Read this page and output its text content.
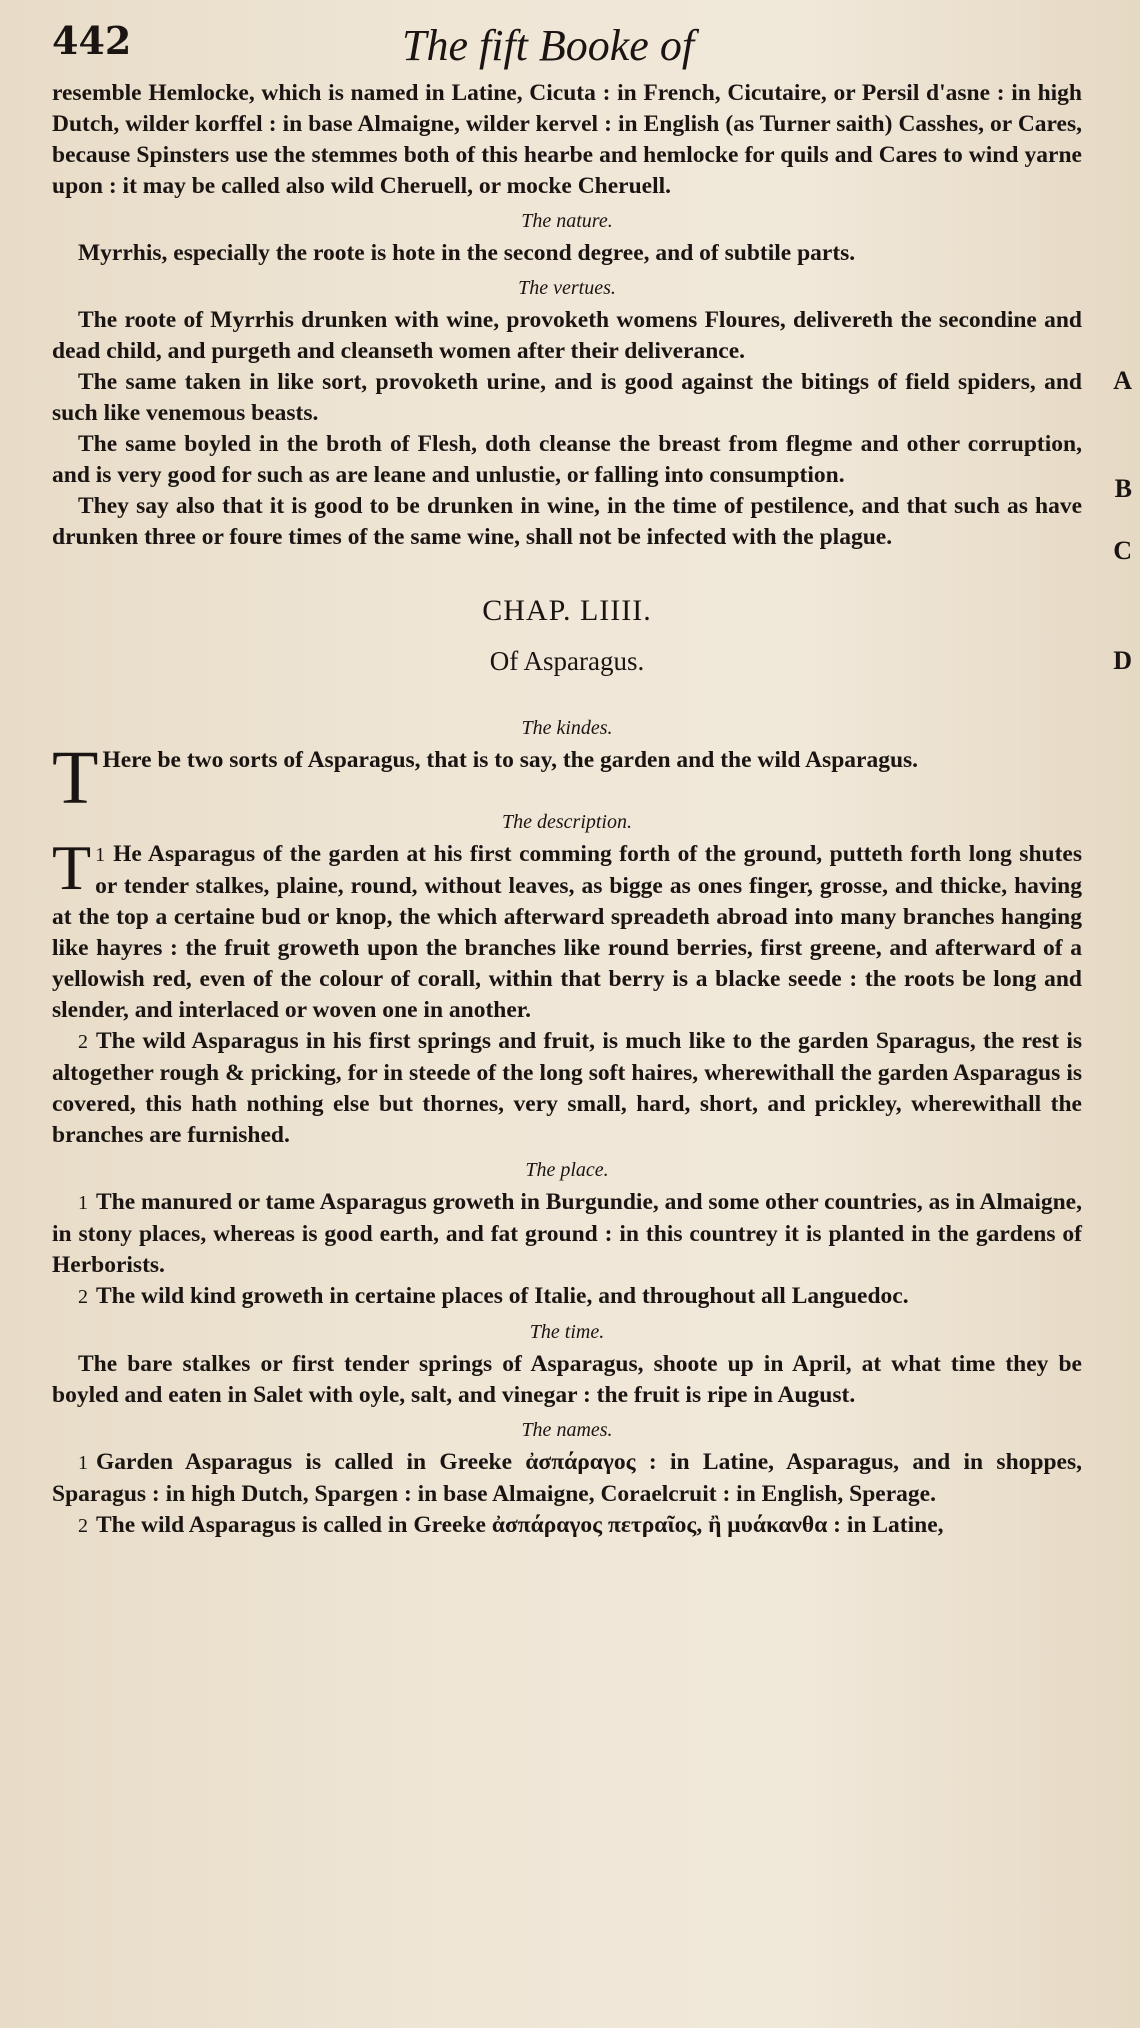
442	The fift Booke of
A
B
C
D

resemble Hemlocke, which is named in Latine, Cicuta : in French, Cicutaire, or Persil d'asne : in high Dutch, wilder korffel : in base Almaigne, wilder kervel : in English (as Turner saith) Casshes, or Cares, because Spinsters use the stemmes both of this hearbe and hemlocke for quils and Cares to wind yarne upon : it may be called also wild Cheruell, or mocke Cheruell.

The nature.

Myrrhis, especially the roote is hote in the second degree, and of subtile parts.

The vertues.

The roote of Myrrhis drunken with wine, provoketh womens Floures, delivereth the secondine and dead child, and purgeth and cleanseth women after their deliverance.

The same taken in like sort, provoketh urine, and is good against the bitings of field spiders, and such like venemous beasts.

The same boyled in the broth of Flesh, doth cleanse the breast from flegme and other corruption, and is very good for such as are leane and unlustie, or falling into consumption.

They say also that it is good to be drunken in wine, in the time of pestilence, and that such as have drunken three or foure times of the same wine, shall not be infected with the plague.

CHAP. LIIII.
Of Asparagus.
The kindes.

T Here be two sorts of Asparagus, that is to say, the garden and the wild Asparagus.

The description.

1
T He Asparagus of the garden at his first comming forth of the ground, putteth forth long shutes or tender stalkes, plaine, round, without leaves, as bigge as ones finger, grosse, and thicke, having at the top a certaine bud or knop, the which afterward spreadeth abroad into many branches hanging like hayres : the fruit groweth upon the branches like round berries, first greene, and afterward of a yellowish red, even of the colour of corall, within that berry is a blacke seede : the roots be long and slender, and interlaced or woven one in another.

2 The wild Asparagus in his first springs and fruit, is much like to the garden Sparagus, the rest is altogether rough & pricking, for in steede of the long soft haires, wherewithall the garden Asparagus is covered, this hath nothing else but thornes, very small, hard, short, and prickley, wherewithall the branches are furnished.

The place.

1 The manured or tame Asparagus groweth in Burgundie, and some other countries, as in Almaigne, in stony places, whereas is good earth, and fat ground : in this countrey it is planted in the gardens of Herborists.

2 The wild kind groweth in certaine places of Italie, and throughout all Languedoc.

The time.

The bare stalkes or first tender springs of Asparagus, shoote up in April, at what time they be boyled and eaten in Salet with oyle, salt, and vinegar : the fruit is ripe in August.

The names.

1 Garden Asparagus is called in Greeke ἀσπάραγος : in Latine, Asparagus, and in shoppes, Sparagus : in high Dutch, Spargen : in base Almaigne, Coraelcruit : in English, Sperage.

2 The wild Asparagus is called in Greeke ἀσπάραγος πετραῖος, ἢ μυάκανθα : in Latine,
